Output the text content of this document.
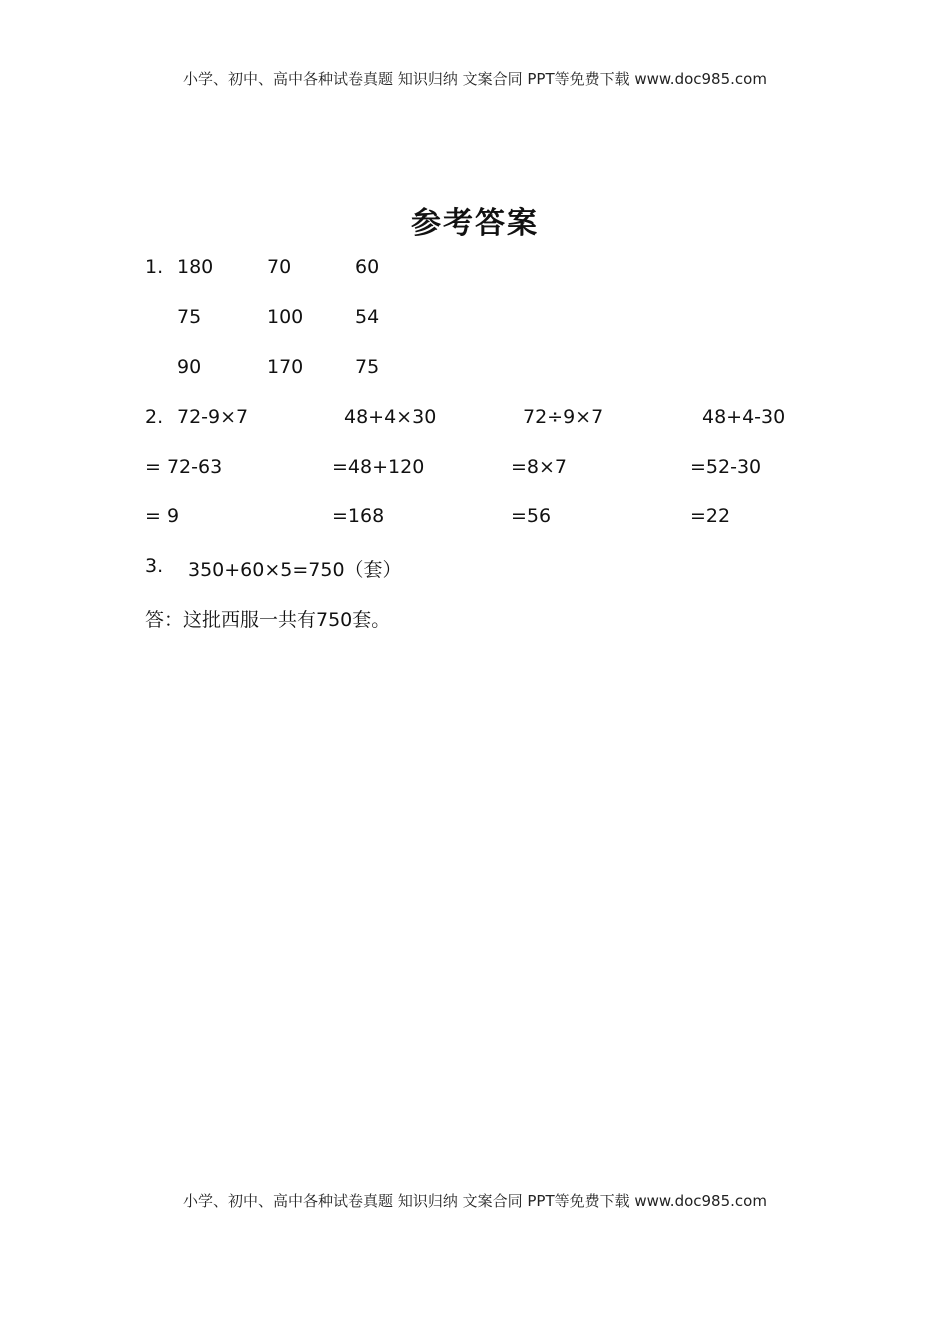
小学、初中、高中各种试卷真题 知识归纳 文案合同 PPT等免费下载 www.doc985.com
参考答案
1. 180	70	60
75	100	54
90	170	75
2. 72-9×7	48+4×30	72÷9×7	48+4-30
= 72-63	=48+120	=8×7	=52-30
= 9	=168	=56	=22
3. 350+60×5=750（套）
答：这批西服一共有750套。
小学、初中、高中各种试卷真题 知识归纳 文案合同 PPT等免费下载 www.doc985.com
